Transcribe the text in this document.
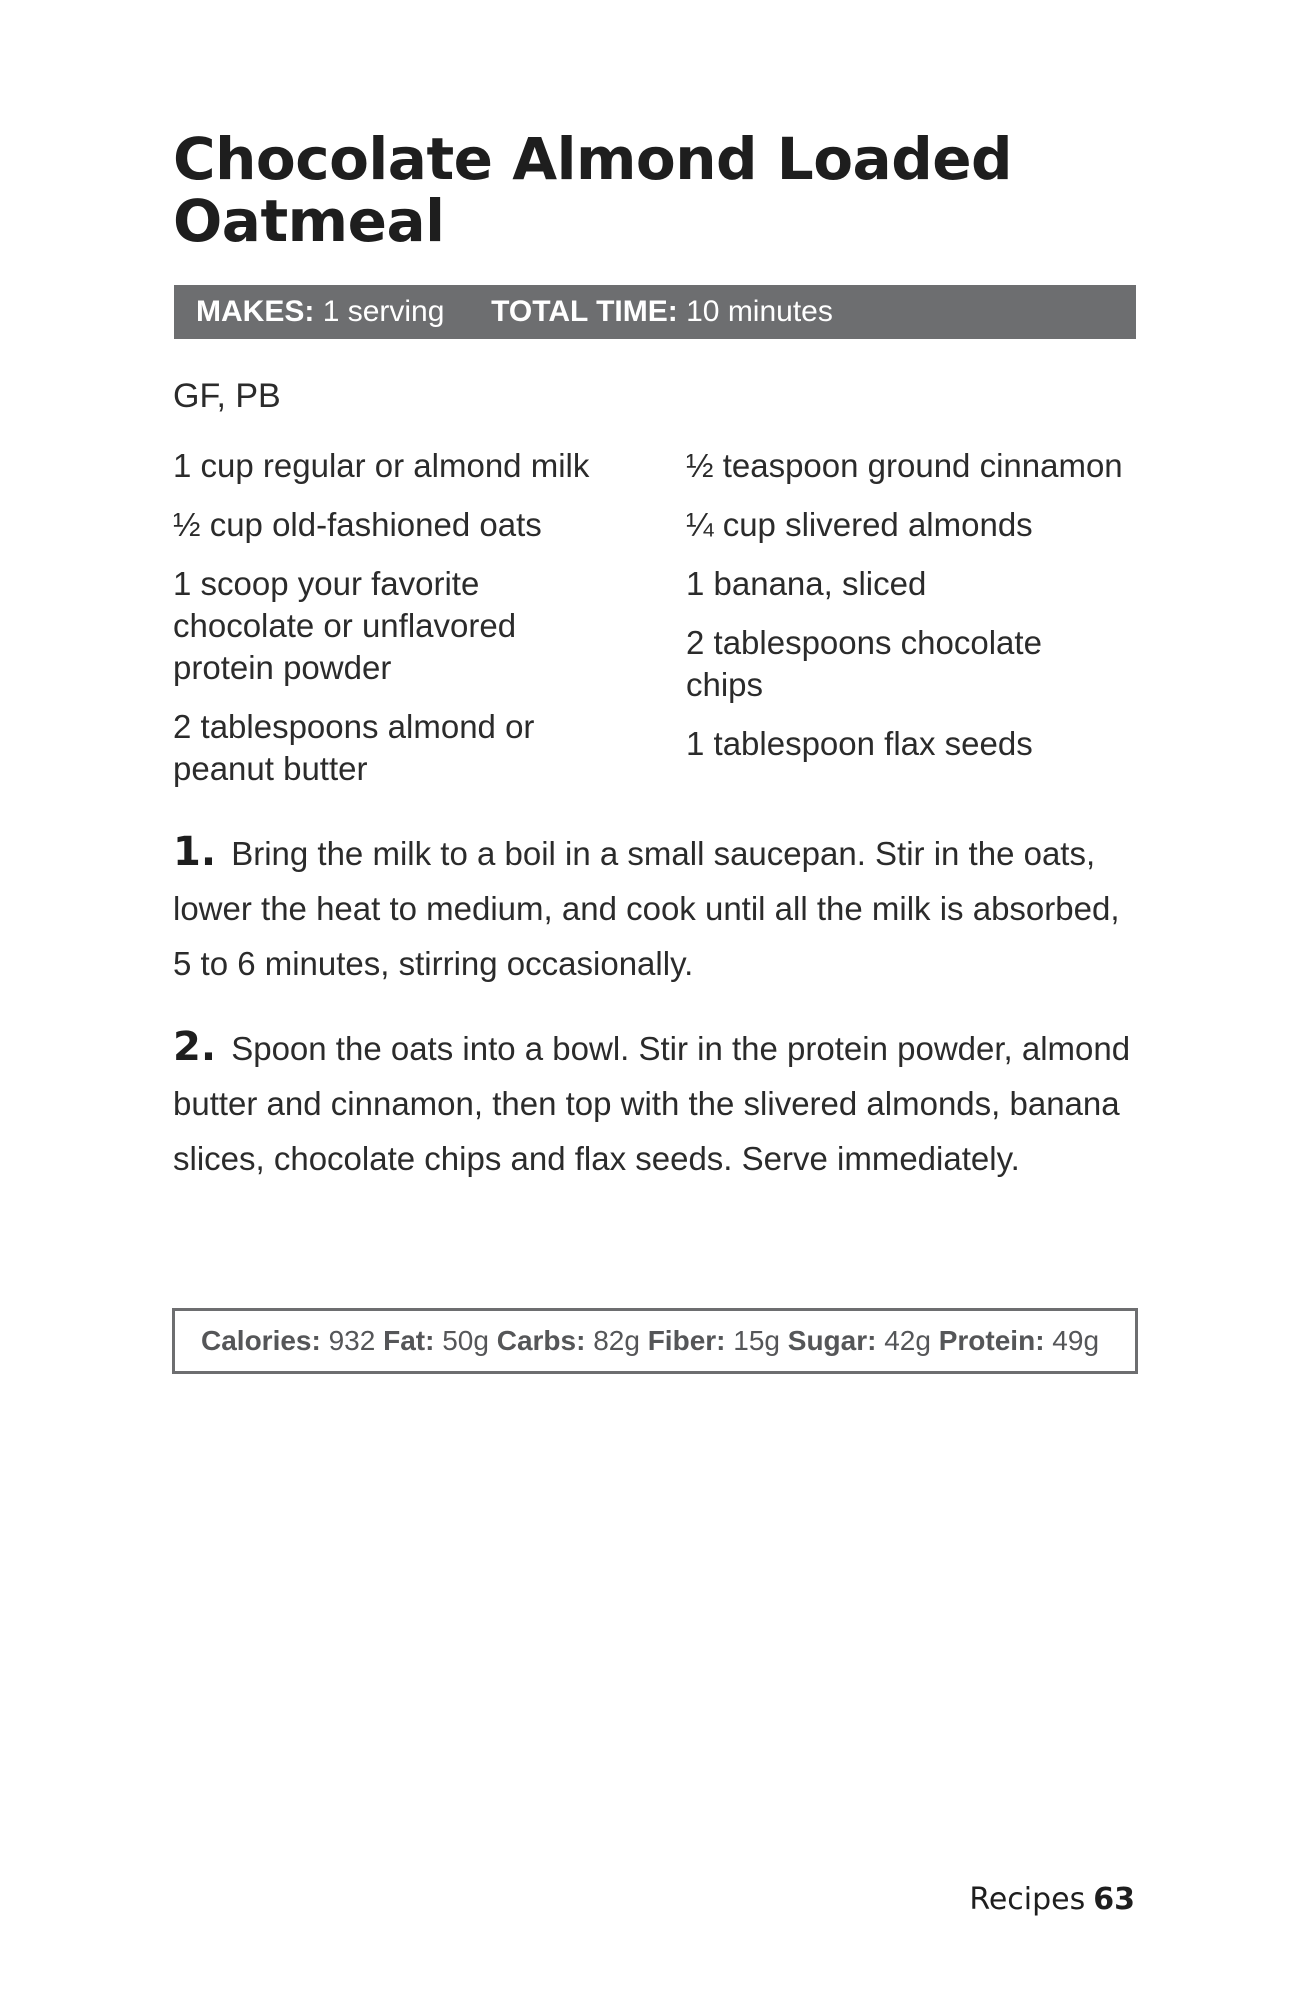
Chocolate Almond Loaded Oatmeal
MAKES: 1 serving TOTAL TIME: 10 minutes
GF, PB
1 cup regular or almond milk
½ cup old-fashioned oats
1 scoop your favorite chocolate or unflavored protein powder
2 tablespoons almond or peanut butter
½ teaspoon ground cinnamon
¼ cup slivered almonds
1 banana, sliced
2 tablespoons chocolate chips
1 tablespoon flax seeds

1. Bring the milk to a boil in a small saucepan. Stir in the oats, lower the heat to medium, and cook until all the milk is absorbed, 5 to 6 minutes, stirring occasionally.

2. Spoon the oats into a bowl. Stir in the protein powder, almond butter and cinnamon, then top with the slivered almonds, banana slices, chocolate chips and flax seeds. Serve immediately.

Calories: 932 Fat: 50g Carbs: 82g Fiber: 15g Sugar: 42g Protein: 49g
Recipes 63
